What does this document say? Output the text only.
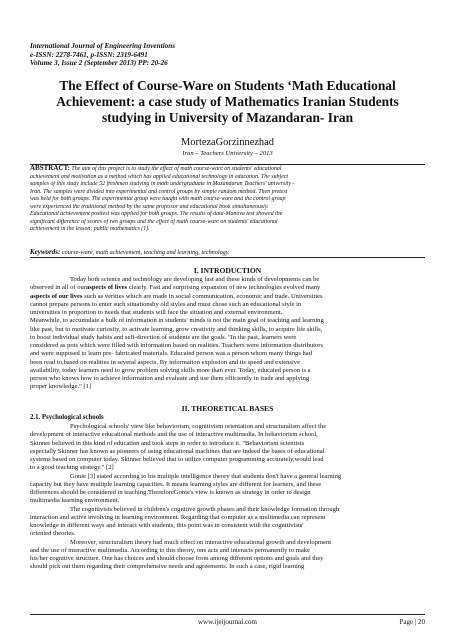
International Journal of Engineering Inventions
e-ISSN: 2278-7461, p-ISSN: 2319-6491
Volume 3, Issue 2 (September 2013) PP: 20-26
The Effect of Course-Ware on Students ‘Math Educational Achievement: a case study of Mathematics Iranian Students studying in University of Mazandaran- Iran
MortezaGorzinnezhad
Iran – Teachers University – 2013
ABSTRACT: The aim of this project is to study the effect of math course-ware on students' educational
achievement and motivation as a method which has applied educational technology in education. The subject
samples of this study include 52 freshmen studying in math undergraduate in Mazandaran Teachers' university -
Iran. The samples were divided into experimental and control groups by simple random method. Then pretest
was held for both groups. The experimental group were taught with math course-ware and the control group
were experienced the traditional method by the same professor and educational book simultaneously.
Educational achievement posttest was applied for both groups. The results of data-Manova test showed the
significant difference of scores of two groups and the effect of math course-ware on students' educational
achievement in the lesson; public mathematics (1).
Keywords: course-ware, math achievement, teaching and learning, technology.
I. INTRODUCTION
Today both science and technology are developing fast and these kinds of developments can be
observed in all of ouraspects of lives clearly. Fast and surprising expansion of new technologies evolved many
aspects of our lives such as verities which are made in social communication, economic and trade. Universities
cannot prepare persons to enter such situationsby old styles and must chose such an educational style in
universities in proportion to needs that students will face the situation and external environment.
Meanwhile, to accumulate a bulk of information in students' minds is not the main goal of teaching and learning
like past, but to motivate curiosity, to activate learning, grow creativity and thinking skills, to acquire life skills,
to boost individual study habits and self-direction of students are the goals. "In the past, learners were
considered as pots which were filled with information based on realities. Teachers were information distributors
and were supposed to learn pre- fabricated materials. Educated person was a person whom many things had
been read to,based on realities in several aspects. By information explosion and its speed and extensive
availability, today learners need to grow problem solving skills more than ever. Today, educated person is a
person who knows how to achieve information and evaluate and use them efficiently in trade and applying
proper knowledge." [1]
II. THEORETICAL BASES
2.1. Psychological schools
Psychological schools' view like behaviorism, cognitivism orientation and structuralism affect the
development of interactive educational methods and the use of interactive multimedia. In behaviorism school,
Skinner believed in this kind of education and took steps in order to introduce it. "Behaviorism scientists
especially Skinner has known as pioneers of using educational machines that are indeed the bases of educational
systems based on computer today. Skinner believed that to utilize computer programming accurately,would lead
to a good teaching strategy." [2]
Gonie [3] stated according to his multiple intelligence theory that students don't have a general learning
capacity but they have multiple learning capacities. It means learning styles are different for learners, and these
differences should be considered in teaching.ThereforeGonie's view is known as strategy in order to design
multimedia learning environment.
The cognitivists believed in children's cognitive growth phases and their knowledge formation through
interaction and active involving in learning environment. Regarding that computer as a multimedia can represent
knowledge in different ways and interact with students, this point was in consistent with the cognitivists'
oriented theories.
Moreover, structuralism theory had much effect on interactive educational growth and development
and the use of interactive multimedia. According to this theory, one acts and interacts permanently to make
his/her cognitive structure. One has choices and should choose from among different options and goals and they
should pick out them regarding their comprehensive needs and agreements. In such a case, rigid learning
www.ijeijournal.com	Page | 20
